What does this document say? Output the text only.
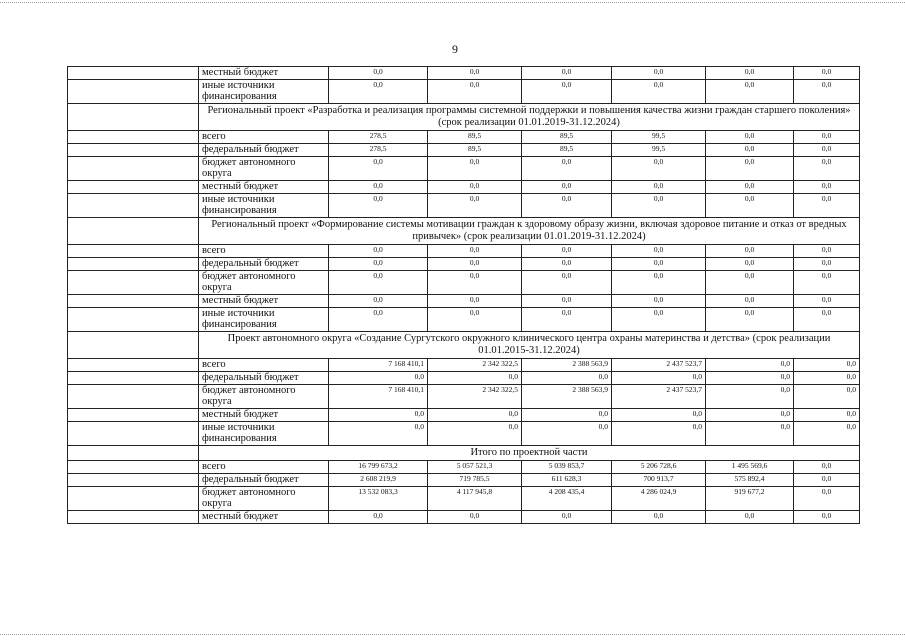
9
	местный бюджет	0,0	0,0	0,0	0,0	0,0	0,0
	иные источники финансирования	0,0	0,0	0,0	0,0	0,0	0,0
	Региональный проект «Разработка и реализация программы системной поддержки и повышения качества жизни граждан старшего поколения» (срок реализации 01.01.2019-31.12.2024)						
	всего	278,5	89,5	89,5	99,5	0,0	0,0
	федеральный бюджет	278,5	89,5	89,5	99,5	0,0	0,0
	бюджет автономного округа	0,0	0,0	0,0	0,0	0,0	0,0
	местный бюджет	0,0	0,0	0,0	0,0	0,0	0,0
	иные источники финансирования	0,0	0,0	0,0	0,0	0,0	0,0
	Региональный проект «Формирование системы мотивации граждан к здоровому образу жизни, включая здоровое питание и отказ от вредных привычек» (срок реализации 01.01.2019-31.12.2024)						
	всего	0,0	0,0	0,0	0,0	0,0	0,0
	федеральный бюджет	0,0	0,0	0,0	0,0	0,0	0,0
	бюджет автономного округа	0,0	0,0	0,0	0,0	0,0	0,0
	местный бюджет	0,0	0,0	0,0	0,0	0,0	0,0
	иные источники финансирования	0,0	0,0	0,0	0,0	0,0	0,0
	Проект автономного округа «Создание Сургутского окружного клинического центра охраны материнства и детства» (срок реализации 01.01.2015-31.12.2024)						
	всего	7 168 410,1	2 342 322,5	2 388 563,9	2 437 523,7	0,0	0,0
	федеральный бюджет	0,0	0,0	0,0	0,0	0,0	0,0
	бюджет автономного округа	7 168 410,1	2 342 322,5	2 388 563,9	2 437 523,7	0,0	0,0
	местный бюджет	0,0	0,0	0,0	0,0	0,0	0,0
	иные источники финансирования	0,0	0,0	0,0	0,0	0,0	0,0
	Итого по проектной части						
	всего	16 799 673,2	5 057 521,3	5 039 853,7	5 206 728,6	1 495 569,6	0,0
	федеральный бюджет	2 608 219,9	719 785,5	611 628,3	700 913,7	575 892,4	0,0
	бюджет автономного округа	13 532 083,3	4 117 945,8	4 208 435,4	4 286 024,9	919 677,2	0,0
	местный бюджет	0,0	0,0	0,0	0,0	0,0	0,0
